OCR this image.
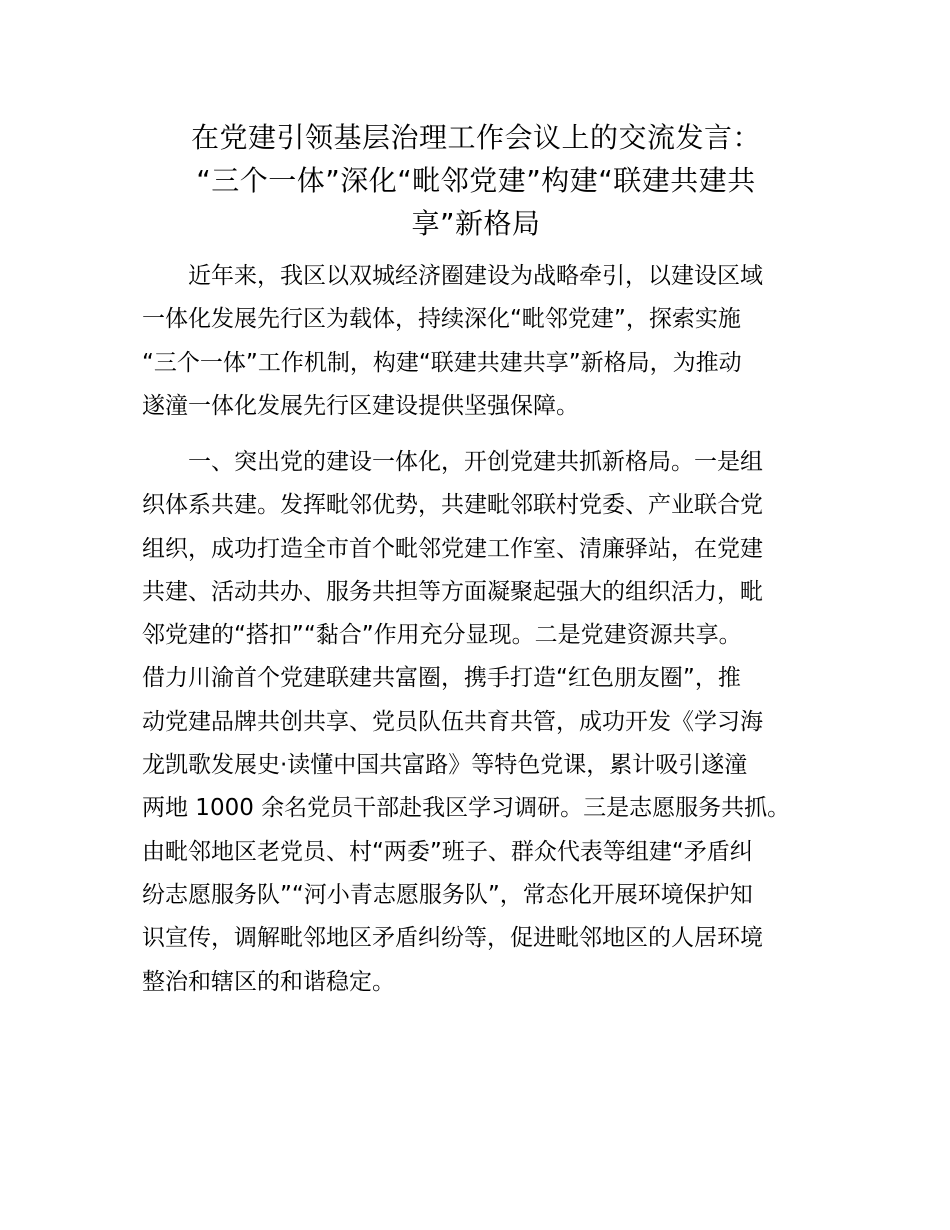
在党建引领基层治理工作会议上的交流发言：
“三个一体”深化“毗邻党建”构建“联建共建共
享”新格局

　　近年来，我区以双城经济圈建设为战略牵引，以建设区域
一体化发展先行区为载体，持续深化“毗邻党建”，探索实施
“三个一体”工作机制，构建“联建共建共享”新格局，为推动
遂潼一体化发展先行区建设提供坚强保障。

　　一、突出党的建设一体化，开创党建共抓新格局。一是组
织体系共建。发挥毗邻优势，共建毗邻联村党委、产业联合党
组织，成功打造全市首个毗邻党建工作室、清廉驿站，在党建
共建、活动共办、服务共担等方面凝聚起强大的组织活力，毗
邻党建的“搭扣”“黏合”作用充分显现。二是党建资源共享。
借力川渝首个党建联建共富圈，携手打造“红色朋友圈”，推
动党建品牌共创共享、党员队伍共育共管，成功开发《学习海
龙凯歌发展史·读懂中国共富路》等特色党课，累计吸引遂潼
两地 1000 余名党员干部赴我区学习调研。三是志愿服务共抓。
由毗邻地区老党员、村“两委”班子、群众代表等组建“矛盾纠
纷志愿服务队”“河小青志愿服务队”，常态化开展环境保护知
识宣传，调解毗邻地区矛盾纠纷等，促进毗邻地区的人居环境
整治和辖区的和谐稳定。
